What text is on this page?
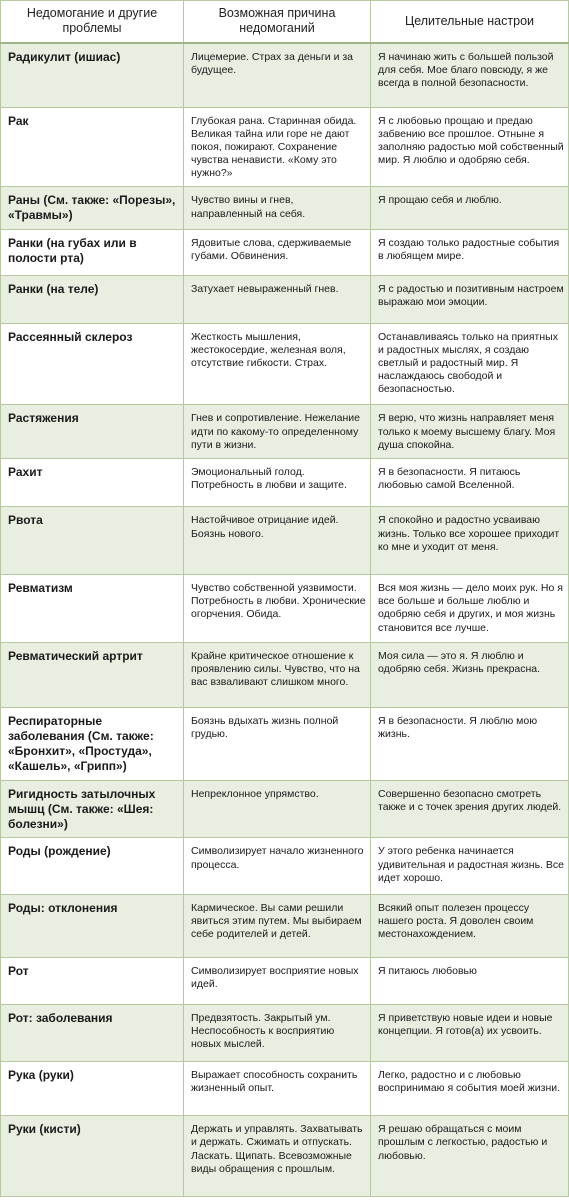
Недомогание и другие проблемы	Возможная причина недомоганий	Целительные настрои
Радикулит (ишиас)	Лицемерие. Страх за деньги и за будущее.	Я начинаю жить с большей пользой для себя. Мое благо повсюду, я же всегда в полной безопасности.
Рак	Глубокая рана. Старинная обида. Великая тайна или горе не дают покоя, пожирают. Сохранение чувства ненависти. «Кому это нужно?»	Я с любовью прощаю и предаю забвению все прошлое. Отныне я заполняю радостью мой собственный мир. Я люблю и одобряю себя.
Раны (См. также: «Порезы», «Травмы»)	Чувство вины и гнев, направленный на себя.	Я прощаю себя и люблю.
Ранки (на губах или в полости рта)	Ядовитые слова, сдерживаемые губами. Обвинения.	Я создаю только радостные события в любящем мире.
Ранки (на теле)	Затухает невыраженный гнев.	Я с радостью и позитивным настроем выражаю мои эмоции.
Рассеянный склероз	Жесткость мышления, жестокосердие, железная воля, отсутствие гибкости. Страх.	Останавливаясь только на приятных и радостных мыслях, я создаю светлый и радостный мир. Я наслаждаюсь свободой и безопасностью.
Растяжения	Гнев и сопротивление. Нежелание идти по какому-то определенному пути в жизни.	Я верю, что жизнь направляет меня только к моему высшему благу. Моя душа спокойна.
Рахит	Эмоциональный голод. Потребность в любви и защите.	Я в безопасности. Я питаюсь любовью самой Вселенной.
Рвота	Настойчивое отрицание идей. Боязнь нового.	Я спокойно и радостно усваиваю жизнь. Только все хорошее приходит ко мне и уходит от меня.
Ревматизм	Чувство собственной уязвимости. Потребность в любви. Хронические огорчения. Обида.	Вся моя жизнь — дело моих рук. Но я все больше и больше люблю и одобряю себя и других, и моя жизнь становится все лучше.
Ревматический артрит	Крайне критическое отношение к проявлению силы. Чувство, что на вас взваливают слишком много.	Моя сила — это я. Я люблю и одобряю себя. Жизнь прекрасна.
Респираторные заболевания (См. также: «Бронхит», «Простуда», «Кашель», «Грипп»)	Боязнь вдыхать жизнь полной грудью.	Я в безопасности. Я люблю мою жизнь.
Ригидность затылочных мышц (См. также: «Шея: болезни»)	Непреклонное упрямство.	Совершенно безопасно смотреть также и с точек зрения других людей.
Роды (рождение)	Символизирует начало жизненного процесса.	У этого ребенка начинается удивительная и радостная жизнь. Все идет хорошо.
Роды: отклонения	Кармическое. Вы сами решили явиться этим путем. Мы выбираем себе родителей и детей.	Всякий опыт полезен процессу нашего роста. Я доволен своим местонахождением.
Рот	Символизирует восприятие новых идей.	Я питаюсь любовью
Рот: заболевания	Предвзятость. Закрытый ум. Неспособность к восприятию новых мыслей.	Я приветствую новые идеи и новые концепции. Я готов(а) их усвоить.
Рука (руки)	Выражает способность сохранить жизненный опыт.	Легко, радостно и с любовью воспринимаю я события моей жизни.
Руки (кисти)	Держать и управлять. Захватывать и держать. Сжимать и отпускать. Ласкать. Щипать. Всевозможные виды обращения с прошлым.	Я решаю обращаться с моим прошлым с легкостью, радостью и любовью.
